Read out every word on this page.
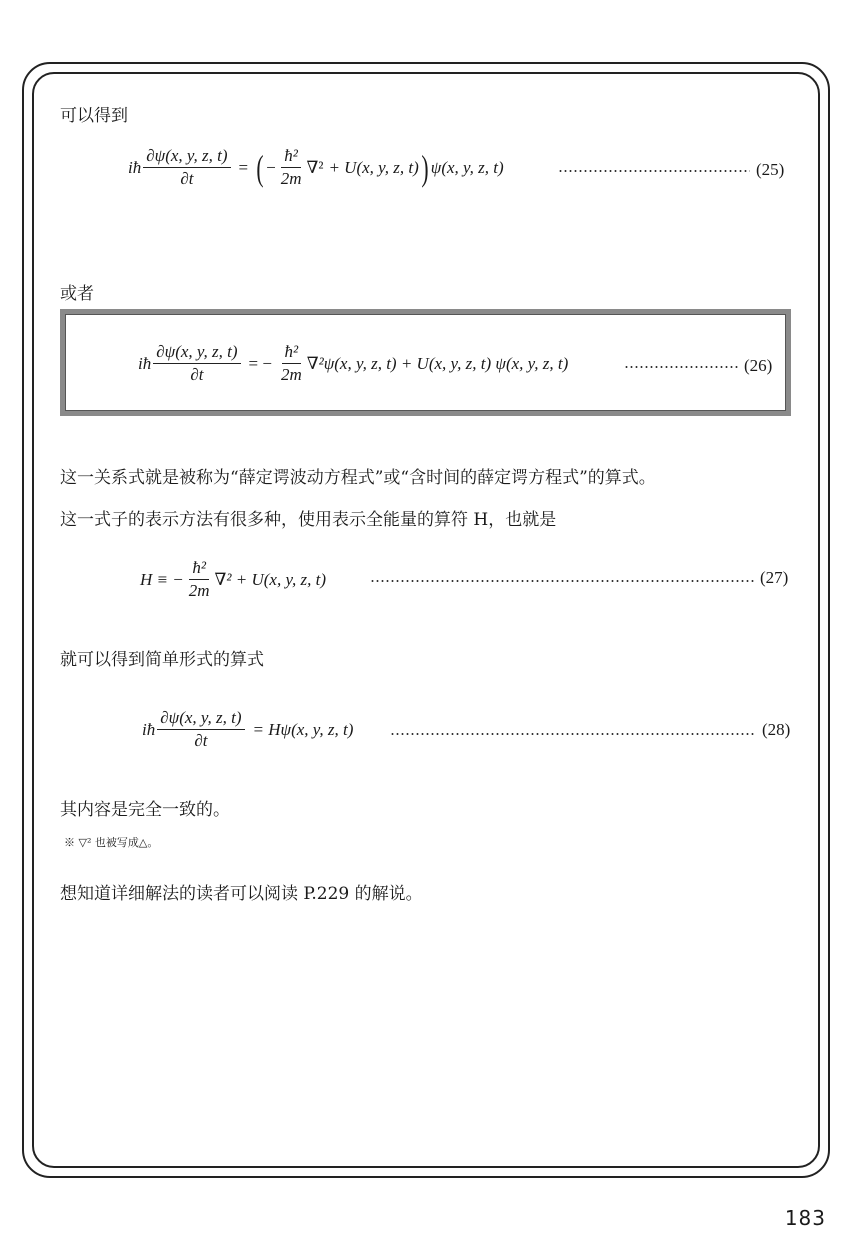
可以得到
iħ $\frac{\partial\psi(x, y, z, t)}{\partial t}$ = ( − $\frac{\text{ħ²}}{2m} \nabla^2 + U(x$, y, z, t) ) ψ(x, y, z, t)	(25)
或者
iħ $\frac{\partial\psi(x, y, z, t)}{\partial t}$ = − $\frac{\text{ħ²}}{2m} \nabla^2\psi(x$, y, z, t) + U(x, y, z, t) ψ(x, y, z, t)	(26)
这一关系式就是被称为“薛定谔波动方程式”或“含时间的薛定谔方程式”的算式。
这一式子的表示方法有很多种，使用表示全能量的算符 H，也就是
H ≡ − $\frac{\text{ħ²}}{2m} \nabla^2 + U(x$, y, z, t)	(27)
就可以得到简单形式的算式
iħ $\frac{\partial\psi(x, y, z, t)}{\partial t} = H\psi(x$, y, z, t)	(28)
其内容是完全一致的。
※ ▽² 也被写成△。
想知道详细解法的读者可以阅读 P.229 的解说。
183
